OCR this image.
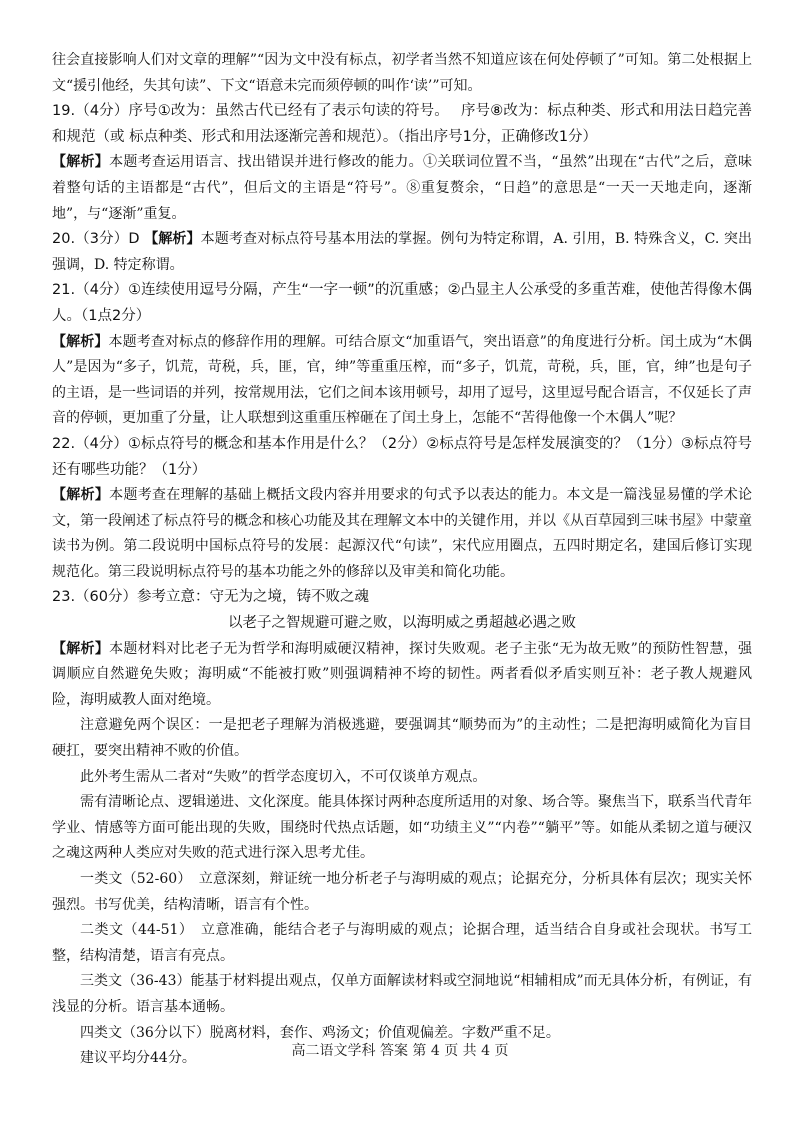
往会直接影响人们对文章的理解”“因为文中没有标点，初学者当然不知道应该在何处停顿了”可知。第二处根据上文“援引他经，失其句读”、下文“语意未完而须停顿的叫作‘读’”可知。

19.（4分）序号①改为：虽然古代已经有了表示句读的符号。　 序号⑧改为：标点种类、形式和用法日趋完善和规范（或 标点种类、形式和用法逐渐完善和规范）。（指出序号1分，正确修改1分）

【解析】本题考查运用语言、找出错误并进行修改的能力。①关联词位置不当，“虽然”出现在“古代”之后，意味着整句话的主语都是“古代”，但后文的主语是“符号”。⑧重复赘余，“日趋”的意思是“一天一天地走向，逐渐地”，与“逐渐”重复。

20.（3分）D 【解析】本题考查对标点符号基本用法的掌握。例句为特定称谓，A. 引用，B. 特殊含义，C. 突出强调，D. 特定称谓。

21.（4分）①连续使用逗号分隔，产生“一字一顿”的沉重感；②凸显主人公承受的多重苦难，使他苦得像木偶人。（1点2分）

【解析】本题考查对标点的修辞作用的理解。可结合原文“加重语气，突出语意”的角度进行分析。闰土成为“木偶人”是因为“多子，饥荒，苛税，兵，匪，官，绅”等重重压榨，而“多子，饥荒，苛税，兵，匪，官，绅”也是句子的主语，是一些词语的并列，按常规用法，它们之间本该用顿号，却用了逗号，这里逗号配合语言，不仅延长了声音的停顿，更加重了分量，让人联想到这重重压榨砸在了闰土身上，怎能不“苦得他像一个木偶人”呢？

22.（4分）①标点符号的概念和基本作用是什么？（2分）②标点符号是怎样发展演变的？（1分）③标点符号还有哪些功能？（1分）

【解析】本题考查在理解的基础上概括文段内容并用要求的句式予以表达的能力。本文是一篇浅显易懂的学术论文，第一段阐述了标点符号的概念和核心功能及其在理解文本中的关键作用，并以《从百草园到三味书屋》中蒙童读书为例。第二段说明中国标点符号的发展：起源汉代“句读”，宋代应用圈点，五四时期定名，建国后修订实现规范化。第三段说明标点符号的基本功能之外的修辞以及审美和简化功能。

23.（60分）参考立意：守无为之境，铸不败之魂

以老子之智规避可避之败，以海明威之勇超越必遇之败

【解析】本题材料对比老子无为哲学和海明威硬汉精神，探讨失败观。老子主张“无为故无败”的预防性智慧，强调顺应自然避免失败；海明威“不能被打败”则强调精神不垮的韧性。两者看似矛盾实则互补：老子教人规避风险，海明威教人面对绝境。

注意避免两个误区：一是把老子理解为消极逃避，要强调其“顺势而为”的主动性；二是把海明威简化为盲目硬扛，要突出精神不败的价值。

此外考生需从二者对“失败”的哲学态度切入，不可仅谈单方观点。

需有清晰论点、逻辑递进、文化深度。能具体探讨两种态度所适用的对象、场合等。聚焦当下，联系当代青年学业、情感等方面可能出现的失败，围绕时代热点话题，如“功绩主义”“内卷”“躺平”等。如能从柔韧之道与硬汉之魂这两种人类应对失败的范式进行深入思考尤佳。

一类文（52-60）　立意深刻，辩证统一地分析老子与海明威的观点；论据充分，分析具体有层次；现实关怀强烈。书写优美，结构清晰，语言有个性。

二类文（44-51）　立意准确，能结合老子与海明威的观点；论据合理，适当结合自身或社会现状。书写工整，结构清楚，语言有亮点。

三类文（36-43）能基于材料提出观点，仅单方面解读材料或空洞地说“相辅相成”而无具体分析，有例证，有浅显的分析。语言基本通畅。

四类文（36分以下）脱离材料，套作、鸡汤文；价值观偏差。字数严重不足。

建议平均分44分。	高二语文学科 答案 第 4 页 共 4 页
